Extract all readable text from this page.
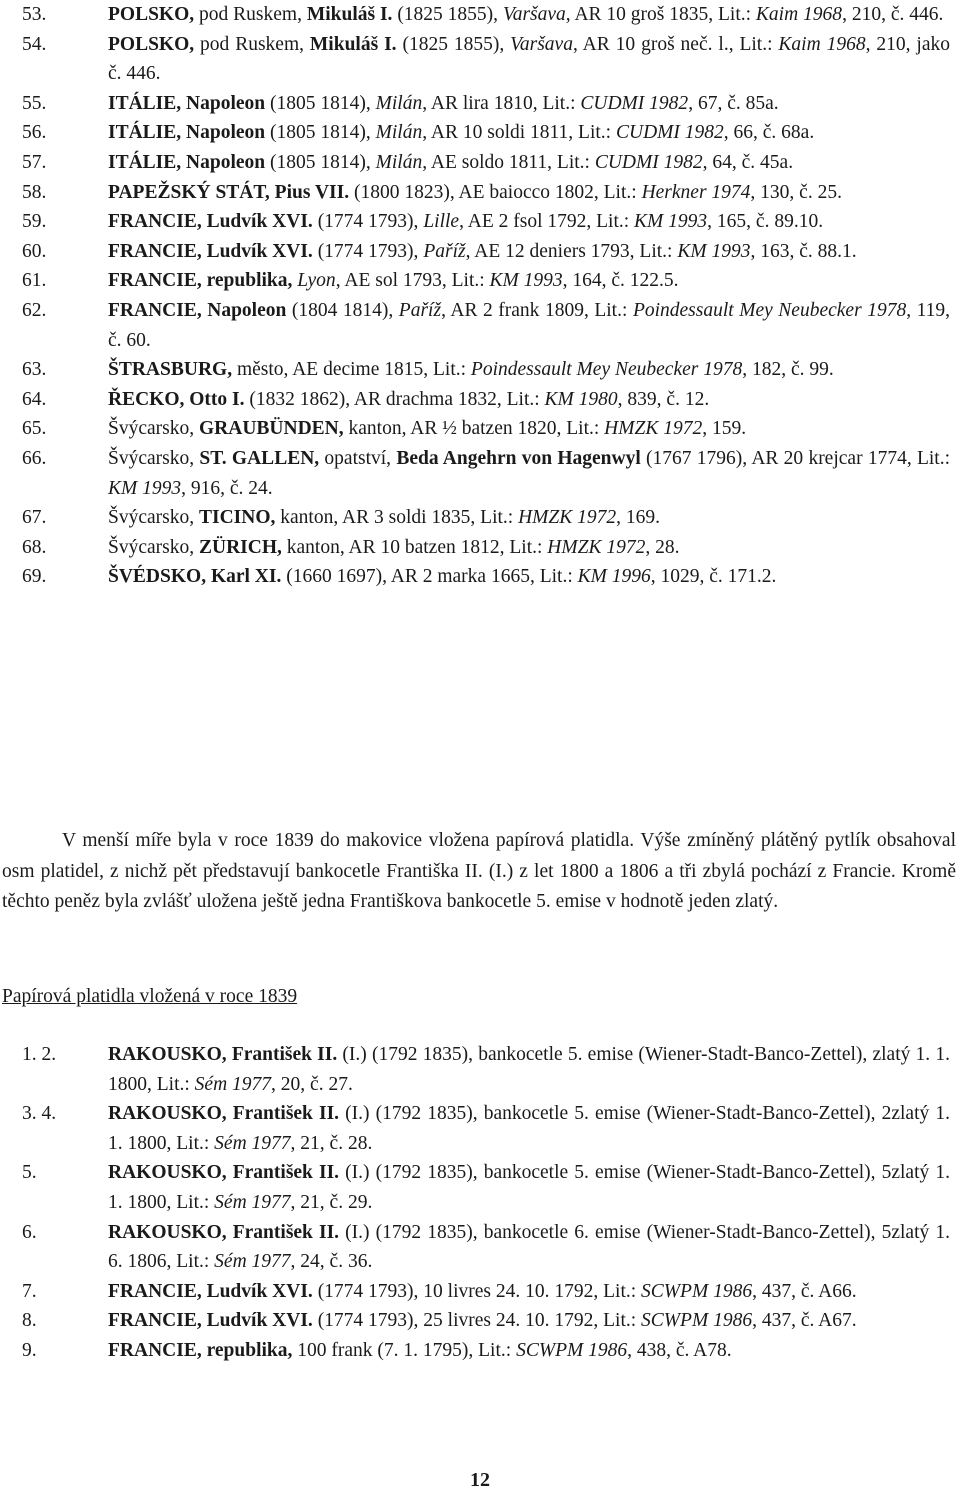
53.	POLSKO, pod Ruskem, Mikuláš I. (1825 1855), Varšava, AR 10 groš 1835, Lit.: Kaim 1968, 210, č. 446.
54.	POLSKO, pod Ruskem, Mikuláš I. (1825 1855), Varšava, AR 10 groš neč. l., Lit.: Kaim 1968, 210, jako č. 446.
55.	ITÁLIE, Napoleon (1805 1814), Milán, AR lira 1810, Lit.: CUDMI 1982, 67, č. 85a.
56.	ITÁLIE, Napoleon (1805 1814), Milán, AR 10 soldi 1811, Lit.: CUDMI 1982, 66, č. 68a.
57.	ITÁLIE, Napoleon (1805 1814), Milán, AE soldo 1811, Lit.: CUDMI 1982, 64, č. 45a.
58.	PAPEŽSKÝ STÁT, Pius VII. (1800 1823), AE baiocco 1802, Lit.: Herkner 1974, 130, č. 25.
59.	FRANCIE, Ludvík XVI. (1774 1793), Lille, AE 2 fsol 1792, Lit.: KM 1993, 165, č. 89.10.
60.	FRANCIE, Ludvík XVI. (1774 1793), Paříž, AE 12 deniers 1793, Lit.: KM 1993, 163, č. 88.1.
61.	FRANCIE, republika, Lyon, AE sol 1793, Lit.: KM 1993, 164, č. 122.5.
62.	FRANCIE, Napoleon (1804 1814), Paříž, AR 2 frank 1809, Lit.: Poindessault Mey Neubecker 1978, 119, č. 60.
63.	ŠTRASBURG, město, AE decime 1815, Lit.: Poindessault Mey Neubecker 1978, 182, č. 99.
64.	ŘECKO, Otto I. (1832 1862), AR drachma 1832, Lit.: KM 1980, 839, č. 12.
65.	Švýcarsko, GRAUBÜNDEN, kanton, AR ½ batzen 1820, Lit.: HMZK 1972, 159.
66.	Švýcarsko, ST. GALLEN, opatství, Beda Angehrn von Hagenwyl (1767 1796), AR 20 krejcar 1774, Lit.: KM 1993, 916, č. 24.
67.	Švýcarsko, TICINO, kanton, AR 3 soldi 1835, Lit.: HMZK 1972, 169.
68.	Švýcarsko, ZÜRICH, kanton, AR 10 batzen 1812, Lit.: HMZK 1972, 28.
69.	ŠVÉDSKO, Karl XI. (1660 1697), AR 2 marka 1665, Lit.: KM 1996, 1029, č. 171.2.

V menší míře byla v roce 1839 do makovice vložena papírová platidla. Výše zmíněný plátěný pytlík obsahoval osm platidel, z nichž pět představují bankocetle Františka II. (I.) z let 1800 a 1806 a tři zbylá pochází z Francie. Kromě těchto peněz byla zvlášť uložena ještě jedna Františkova bankocetle 5. emise v hodnotě jeden zlatý.

Papírová platidla vložená v roce 1839
1. 2.	RAKOUSKO, František II. (I.) (1792 1835), bankocetle 5. emise (Wiener-Stadt-Banco-Zettel), zlatý 1. 1. 1800, Lit.: Sém 1977, 20, č. 27.
3. 4.	RAKOUSKO, František II. (I.) (1792 1835), bankocetle 5. emise (Wiener-Stadt-Banco-Zettel), 2zlatý 1. 1. 1800, Lit.: Sém 1977, 21, č. 28.
5.	RAKOUSKO, František II. (I.) (1792 1835), bankocetle 5. emise (Wiener-Stadt-Banco-Zettel), 5zlatý 1. 1. 1800, Lit.: Sém 1977, 21, č. 29.
6.	RAKOUSKO, František II. (I.) (1792 1835), bankocetle 6. emise (Wiener-Stadt-Banco-Zettel), 5zlatý 1. 6. 1806, Lit.: Sém 1977, 24, č. 36.
7.	FRANCIE, Ludvík XVI. (1774 1793), 10 livres 24. 10. 1792, Lit.: SCWPM 1986, 437, č. A66.
8.	FRANCIE, Ludvík XVI. (1774 1793), 25 livres 24. 10. 1792, Lit.: SCWPM 1986, 437, č. A67.
9.	FRANCIE, republika, 100 frank (7. 1. 1795), Lit.: SCWPM 1986, 438, č. A78.
12
